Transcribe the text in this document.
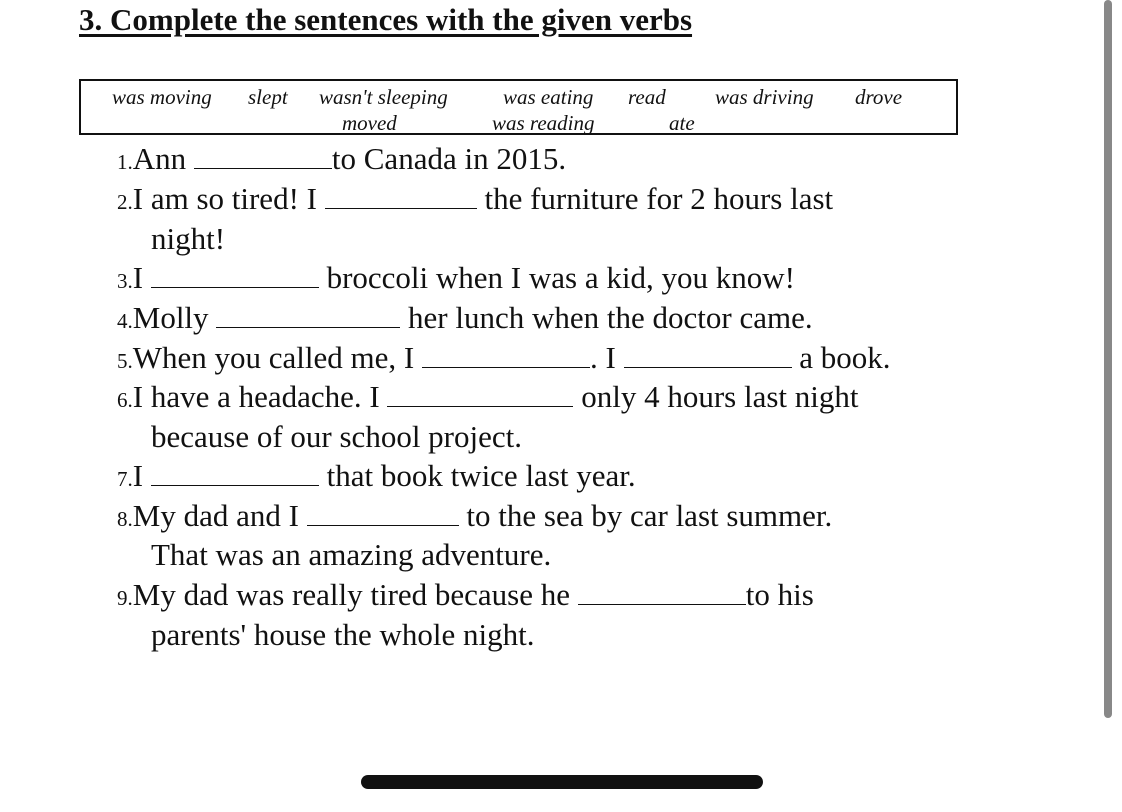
3. Complete the sentences with the given verbs
was moving slept wasn't sleeping
moved
was eating
was reading
read
ate
was driving drove
1.Ann	to Canada in 2015.
2.I am so tired! I	the furniture for 2 hours last
night!
3.I	broccoli when I was a kid, you know!
4.Molly	her lunch when the doctor came.
5.When you called me, I	. I	a book.
6.I have a headache. I	only 4 hours last night
because of our school project.
7.I	that book twice last year.
8.My dad and I	to the sea by car last summer.
That was an amazing adventure.
9.My dad was really tired because he	to his
parents' house the whole night.
